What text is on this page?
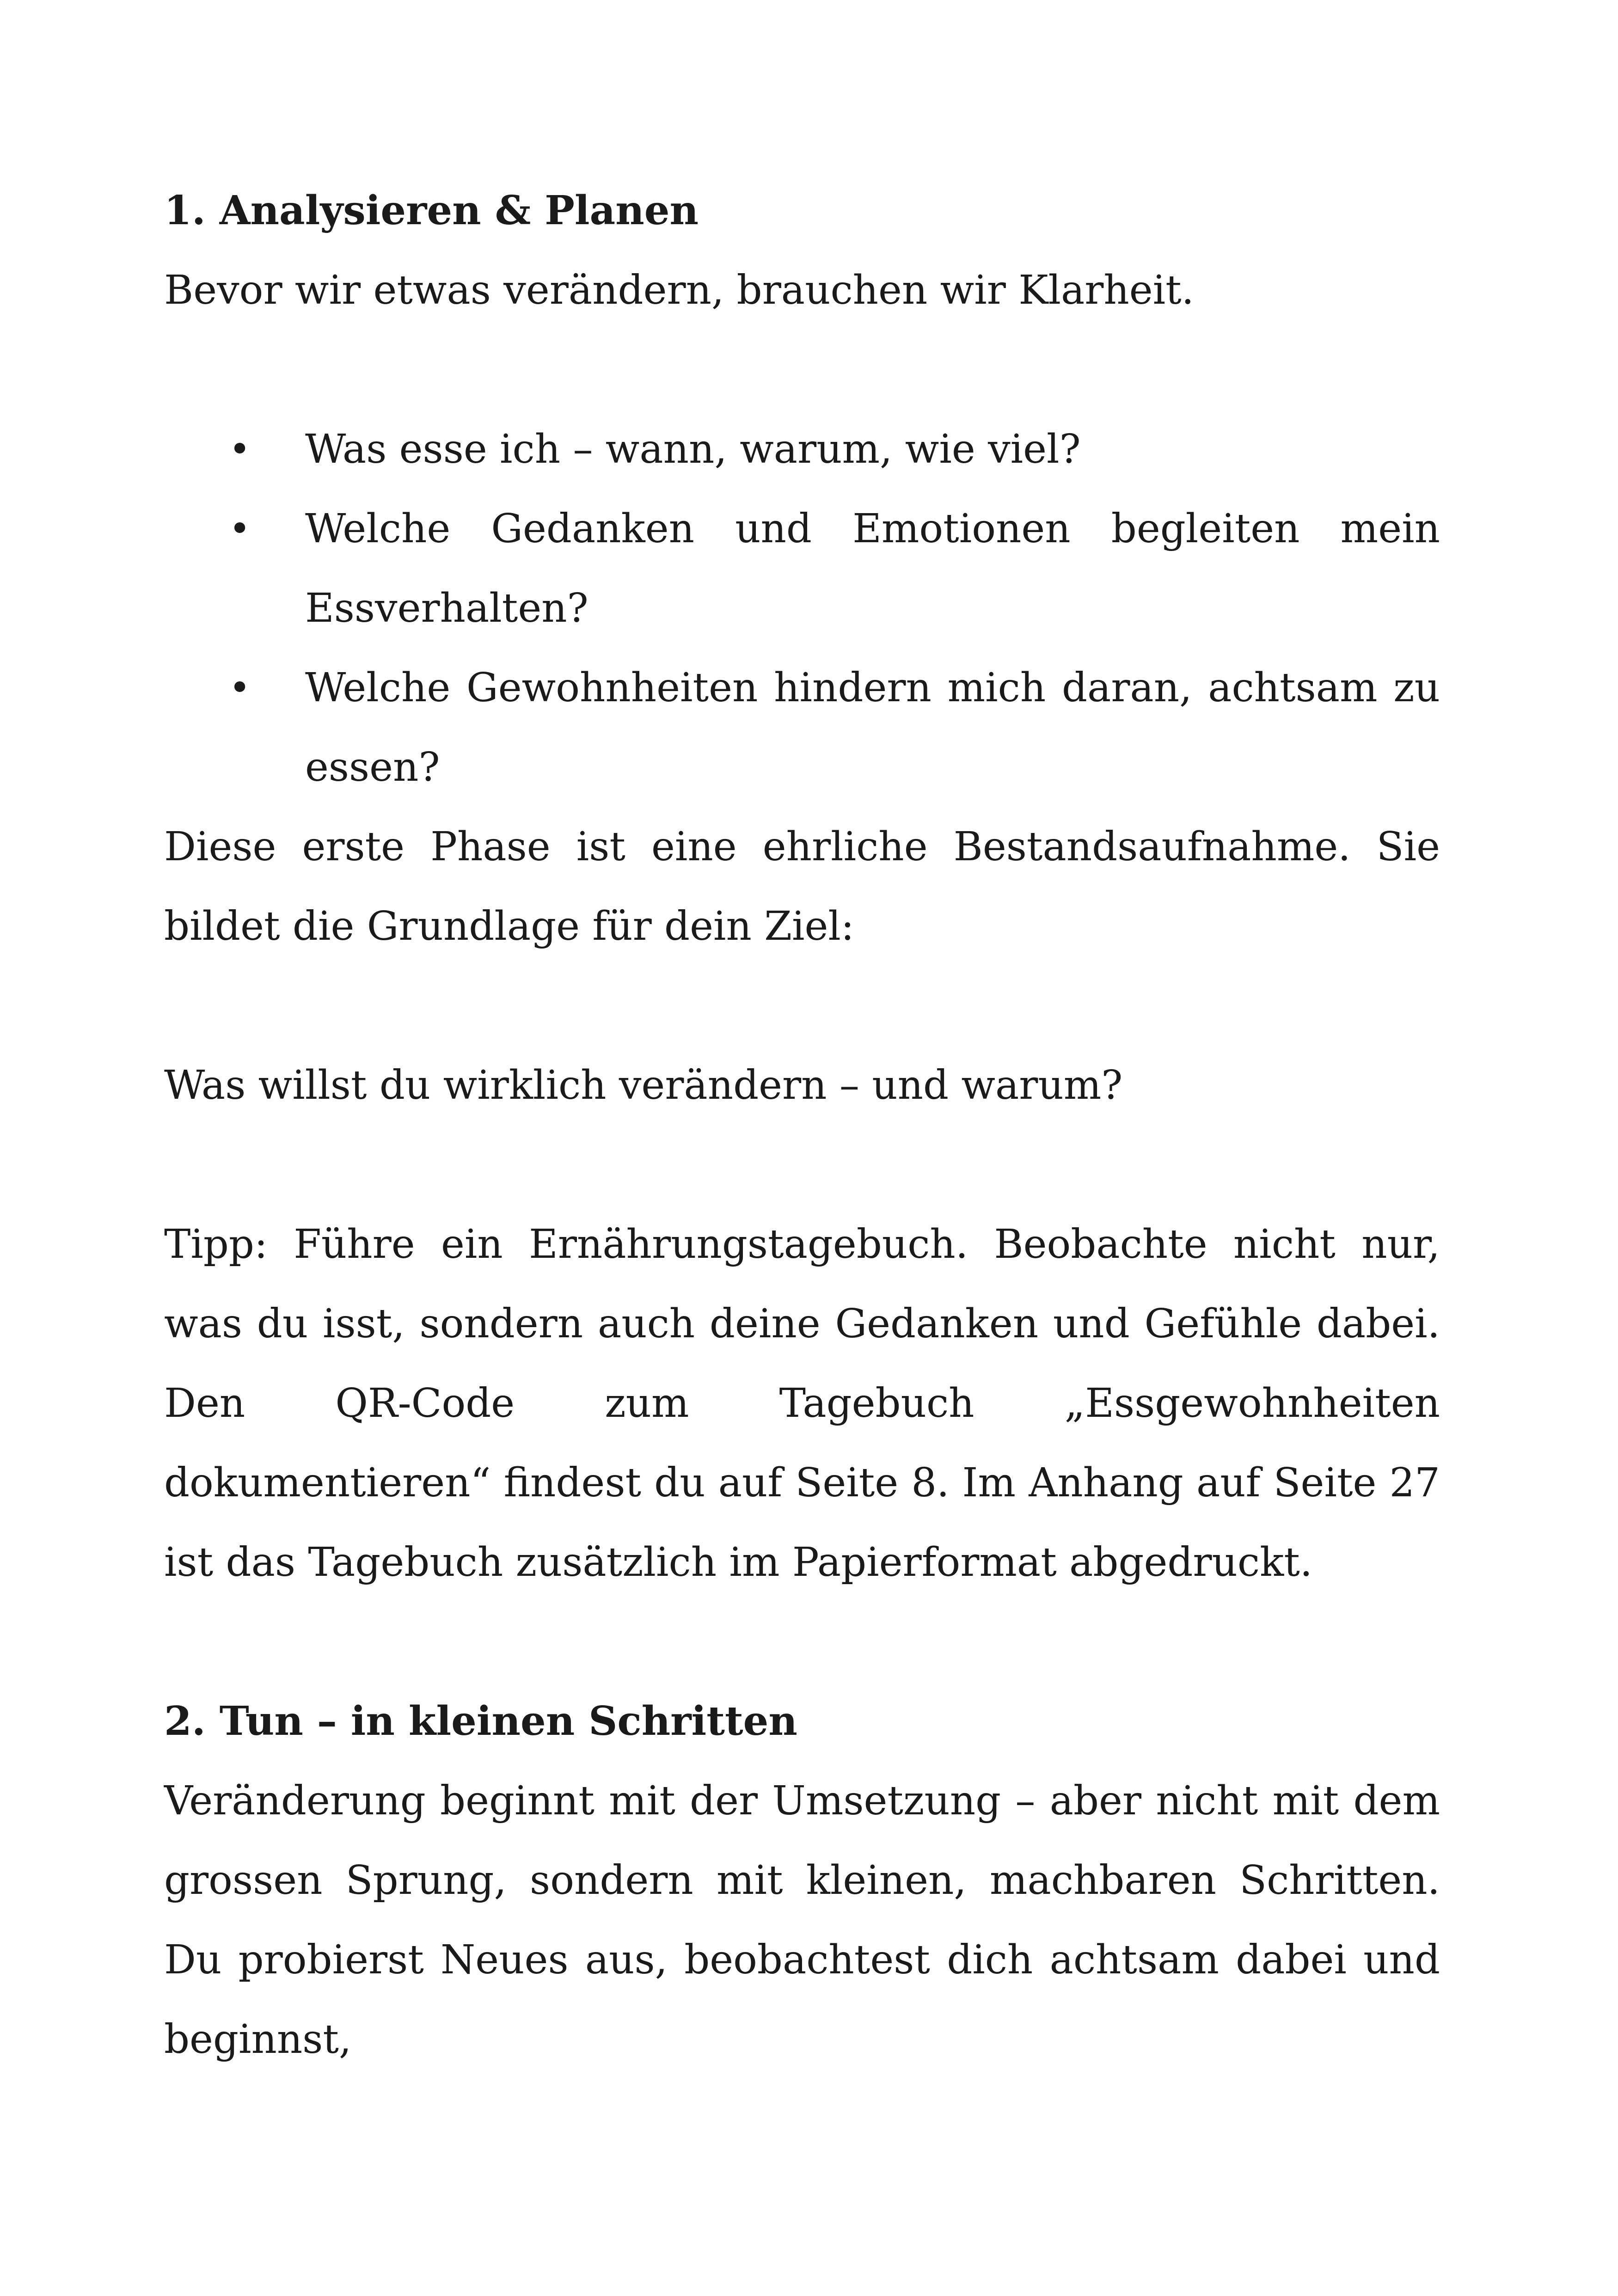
1. Analysieren & Planen

Bevor wir etwas verändern, brauchen wir Klarheit.

• Was esse ich – wann, warum, wie viel?
• Welche Gedanken und Emotionen begleiten mein Essverhalten?
• Welche Gewohnheiten hindern mich daran, achtsam zu essen?

Diese erste Phase ist eine ehrliche Bestandsaufnahme. Sie bildet die Grundlage für dein Ziel:

Was willst du wirklich verändern – und warum?

Tipp: Führe ein Ernährungstagebuch. Beobachte nicht nur, was du isst, sondern auch deine Gedanken und Gefühle dabei. Den QR-Code zum Tagebuch „Essgewohnheiten dokumentieren“ findest du auf Seite 8. Im Anhang auf Seite 27 ist das Tagebuch zusätzlich im Papierformat abgedruckt.

2. Tun – in kleinen Schritten

Veränderung beginnt mit der Umsetzung – aber nicht mit dem grossen Sprung, sondern mit kleinen, machbaren Schritten. Du probierst Neues aus, beobachtest dich achtsam dabei und beginnst,
